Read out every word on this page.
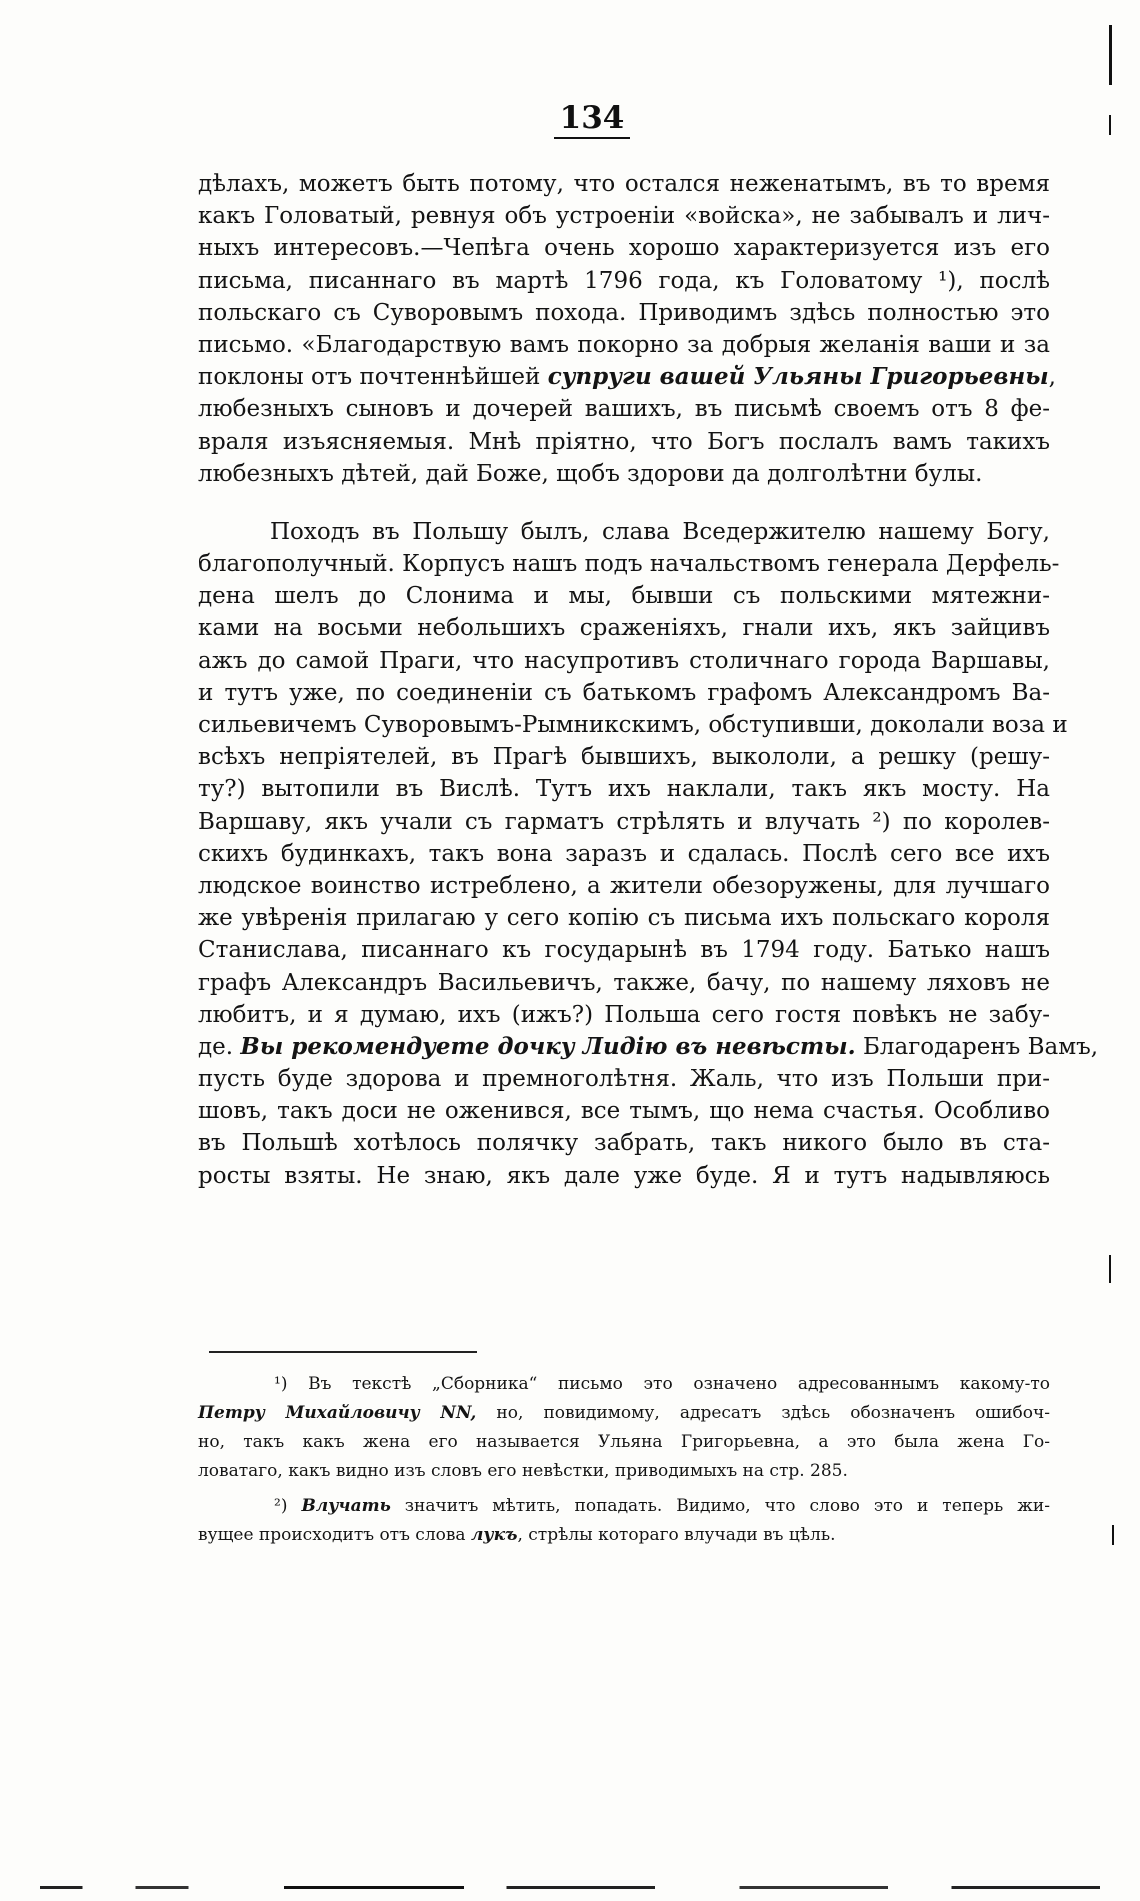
134
дѣлахъ, можетъ быть потому, что остался неженатымъ, въ то время
какъ Головатый, ревнуя объ устроеніи «войска», не забывалъ и лич-
ныхъ интересовъ.—Чепѣга очень хорошо характеризуется изъ его
письма, писаннаго въ мартѣ 1796 года, къ Головатому ¹), послѣ
польскаго съ Суворовымъ похода. Приводимъ здѣсь полностью это
письмо. «Благодарствую вамъ покорно за добрыя желанія ваши и за
поклоны отъ почтеннѣйшей супруги вашей Ульяны Григорьевны,
любезныхъ сыновъ и дочерей вашихъ, въ письмѣ своемъ отъ 8 фе-
враля изъясняемыя. Мнѣ пріятно, что Богъ послалъ вамъ такихъ
любезныхъ дѣтей, дай Боже, щобъ здорови да долголѣтни булы.
Походъ въ Польшу былъ, слава Вседержителю нашему Богу,
благополучный. Корпусъ нашъ подъ начальствомъ генерала Дерфель-
дена шелъ до Слонима и мы, бывши съ польскими мятежни-
ками на восьми небольшихъ сраженіяхъ, гнали ихъ, якъ зайцивъ
ажъ до самой Праги, что насупротивъ столичнаго города Варшавы,
и тутъ уже, по соединеніи съ батькомъ графомъ Александромъ Ва-
сильевичемъ Суворовымъ-Рымникскимъ, обступивши, доколали воза и
всѣхъ непріятелей, въ Прагѣ бывшихъ, выкололи, а решку (решу-
ту?) вытопили въ Вислѣ. Тутъ ихъ наклали, такъ якъ мосту. На
Варшаву, якъ учали съ гарматъ стрѣлять и влучать ²) по королев-
скихъ будинкахъ, такъ вона заразъ и сдалась. Послѣ сего все ихъ
людское воинство истреблено, а жители обезоружены, для лучшаго
же увѣренія прилагаю у сего копію съ письма ихъ польскаго короля
Станислава, писаннаго къ государынѣ въ 1794 году. Батько нашъ
графъ Александръ Васильевичъ, также, бачу, по нашему ляховъ не
любитъ, и я думаю, ихъ (ижъ?) Польша сего гостя повѣкъ не забу-
де. Вы рекомендуете дочку Лидію въ невѣсты. Благодаренъ Вамъ,
пусть буде здорова и премноголѣтня. Жаль, что изъ Польши при-
шовъ, такъ доси не оженився, все тымъ, що нема счастья. Особливо
въ Польшѣ хотѣлось полячку забрать, такъ никого было въ ста-
росты взяты. Не знаю, якъ дале уже буде. Я и тутъ надывляюсь
¹) Въ текстѣ „Сборника“ письмо это означено адресованнымъ какому-то
Петру Михайловичу NN, но, повидимому, адресатъ здѣсь обозначенъ ошибоч-
но, такъ какъ жена его называется Ульяна Григорьевна, а это была жена Го-
ловатаго, какъ видно изъ словъ его невѣстки, приводимыхъ на стр. 285.
²) Влучать значитъ мѣтить, попадать. Видимо, что слово это и теперь жи-
вущее происходитъ отъ слова лукъ, стрѣлы котораго влучади въ цѣль.
